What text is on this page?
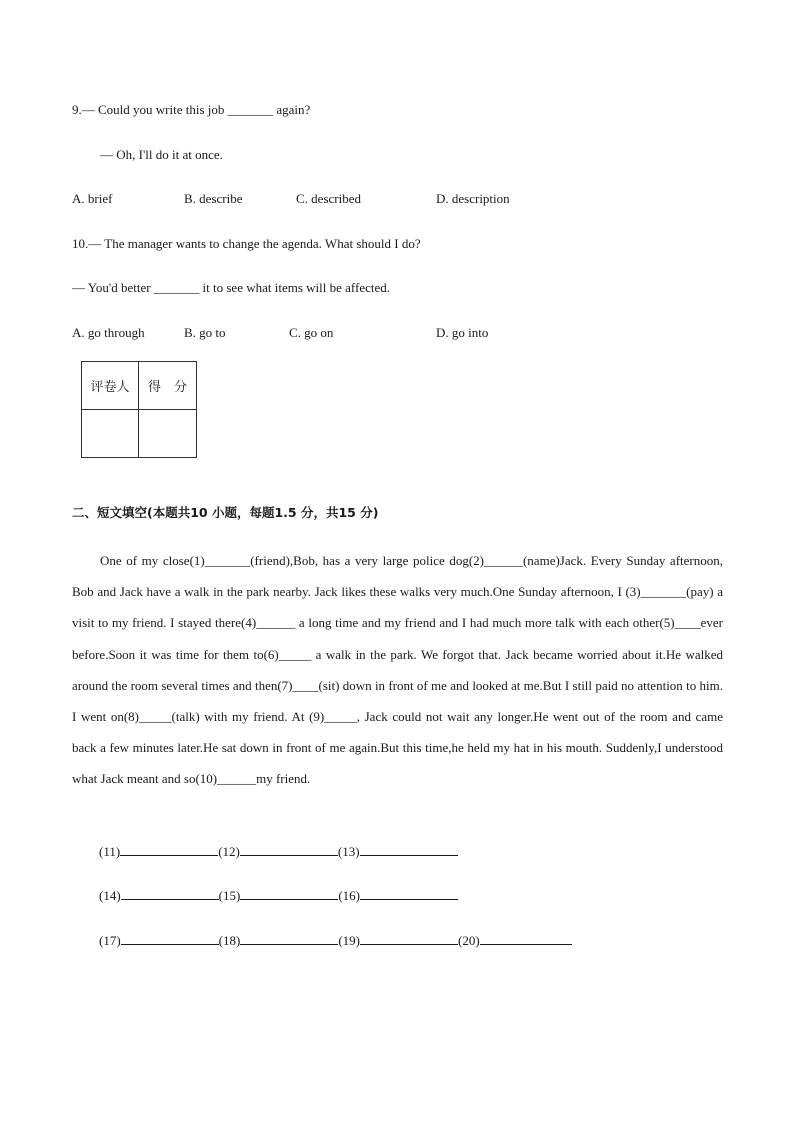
9.— Could you write this job _______ again?
— Oh, I'll do it at once.
A. brief	B. describe	C. described	D. description
10.— The manager wants to change the agenda. What should I do?
— You'd better _______ it to see what items will be affected.
A. go through	B. go to	C. go on	D. go into
评卷人	得　分

二、短文填空(本题共10 小题，每题1.5 分，共15 分)

One of my close(1)_______(friend),Bob, has a very large police dog(2)______(name)Jack. Every Sunday afternoon, Bob and Jack have a walk in the park nearby. Jack likes these walks very much.One Sunday afternoon, I (3)_______(pay) a visit to my friend. I stayed there(4)______ a long time and my friend and I had much more talk with each other(5)____ever before.Soon it was time for them to(6)_____ a walk in the park. We forgot that. Jack became worried about it.He walked around the room several times and then(7)____(sit) down in front of me and looked at me.But I still paid no attention to him. I went on(8)_____(talk) with my friend. At (9)_____, Jack could not wait any longer.He went out of the room and came back a few minutes later.He sat down in front of me again.But this time,he held my hat in his mouth. Suddenly,I understood what Jack meant and so(10)______my friend.

(11)	(12)	(13)
(14)	(15)	(16)
(17)	(18)	(19)	(20)
